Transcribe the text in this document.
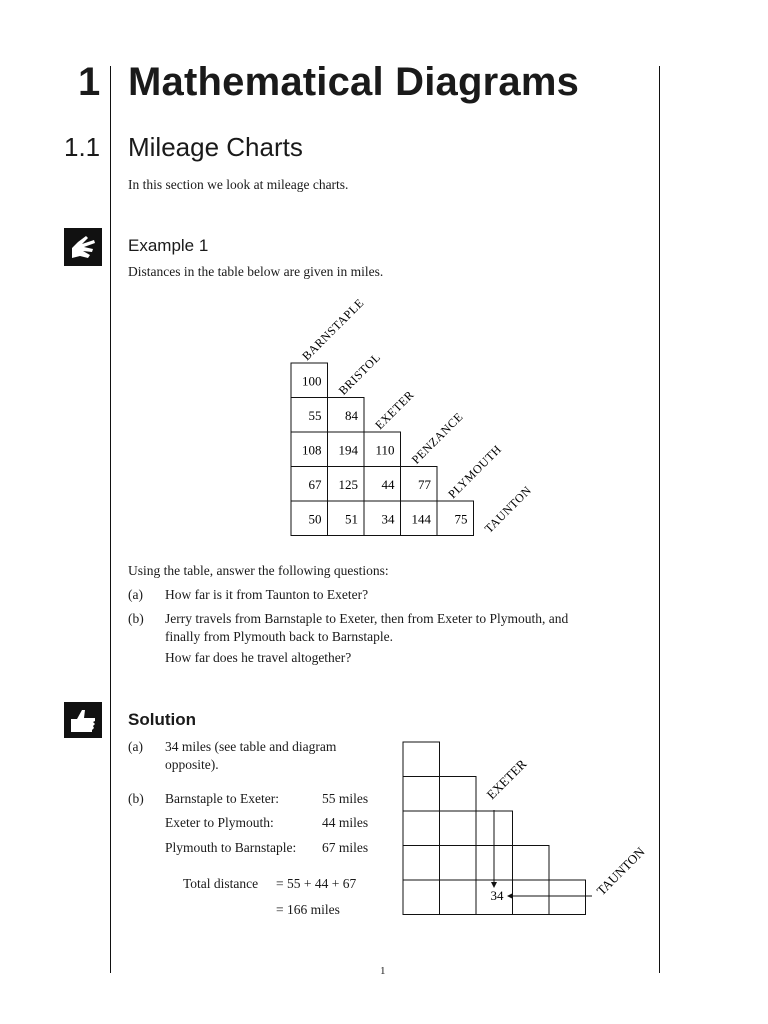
1 Mathematical Diagrams
1.1 Mileage Charts
In this section we look at mileage charts.
Example 1
Distances in the table below are given in miles.
100
55 84
108 194 110
67 125 44 77
50 51 34 144 75
BARNSTAPLE
BRISTOL
EXETER
PENZANCE
PLYMOUTH
TAUNTON
Using the table, answer the following questions:
(a) How far is it from Taunton to Exeter?
(b) Jerry travels from Barnstaple to Exeter, then from Exeter to Plymouth, and
finally from Plymouth back to Barnstaple.
How far does he travel altogether?
Solution
(a) 34 miles (see table and diagram
opposite).
(b) Barnstaple to Exeter:	55 miles
Exeter to Plymouth:	44 miles
Plymouth to Barnstaple: 67 miles
Total distance = 55 + 44 + 67
= 166 miles
34
EXETER
TAUNTON
1
